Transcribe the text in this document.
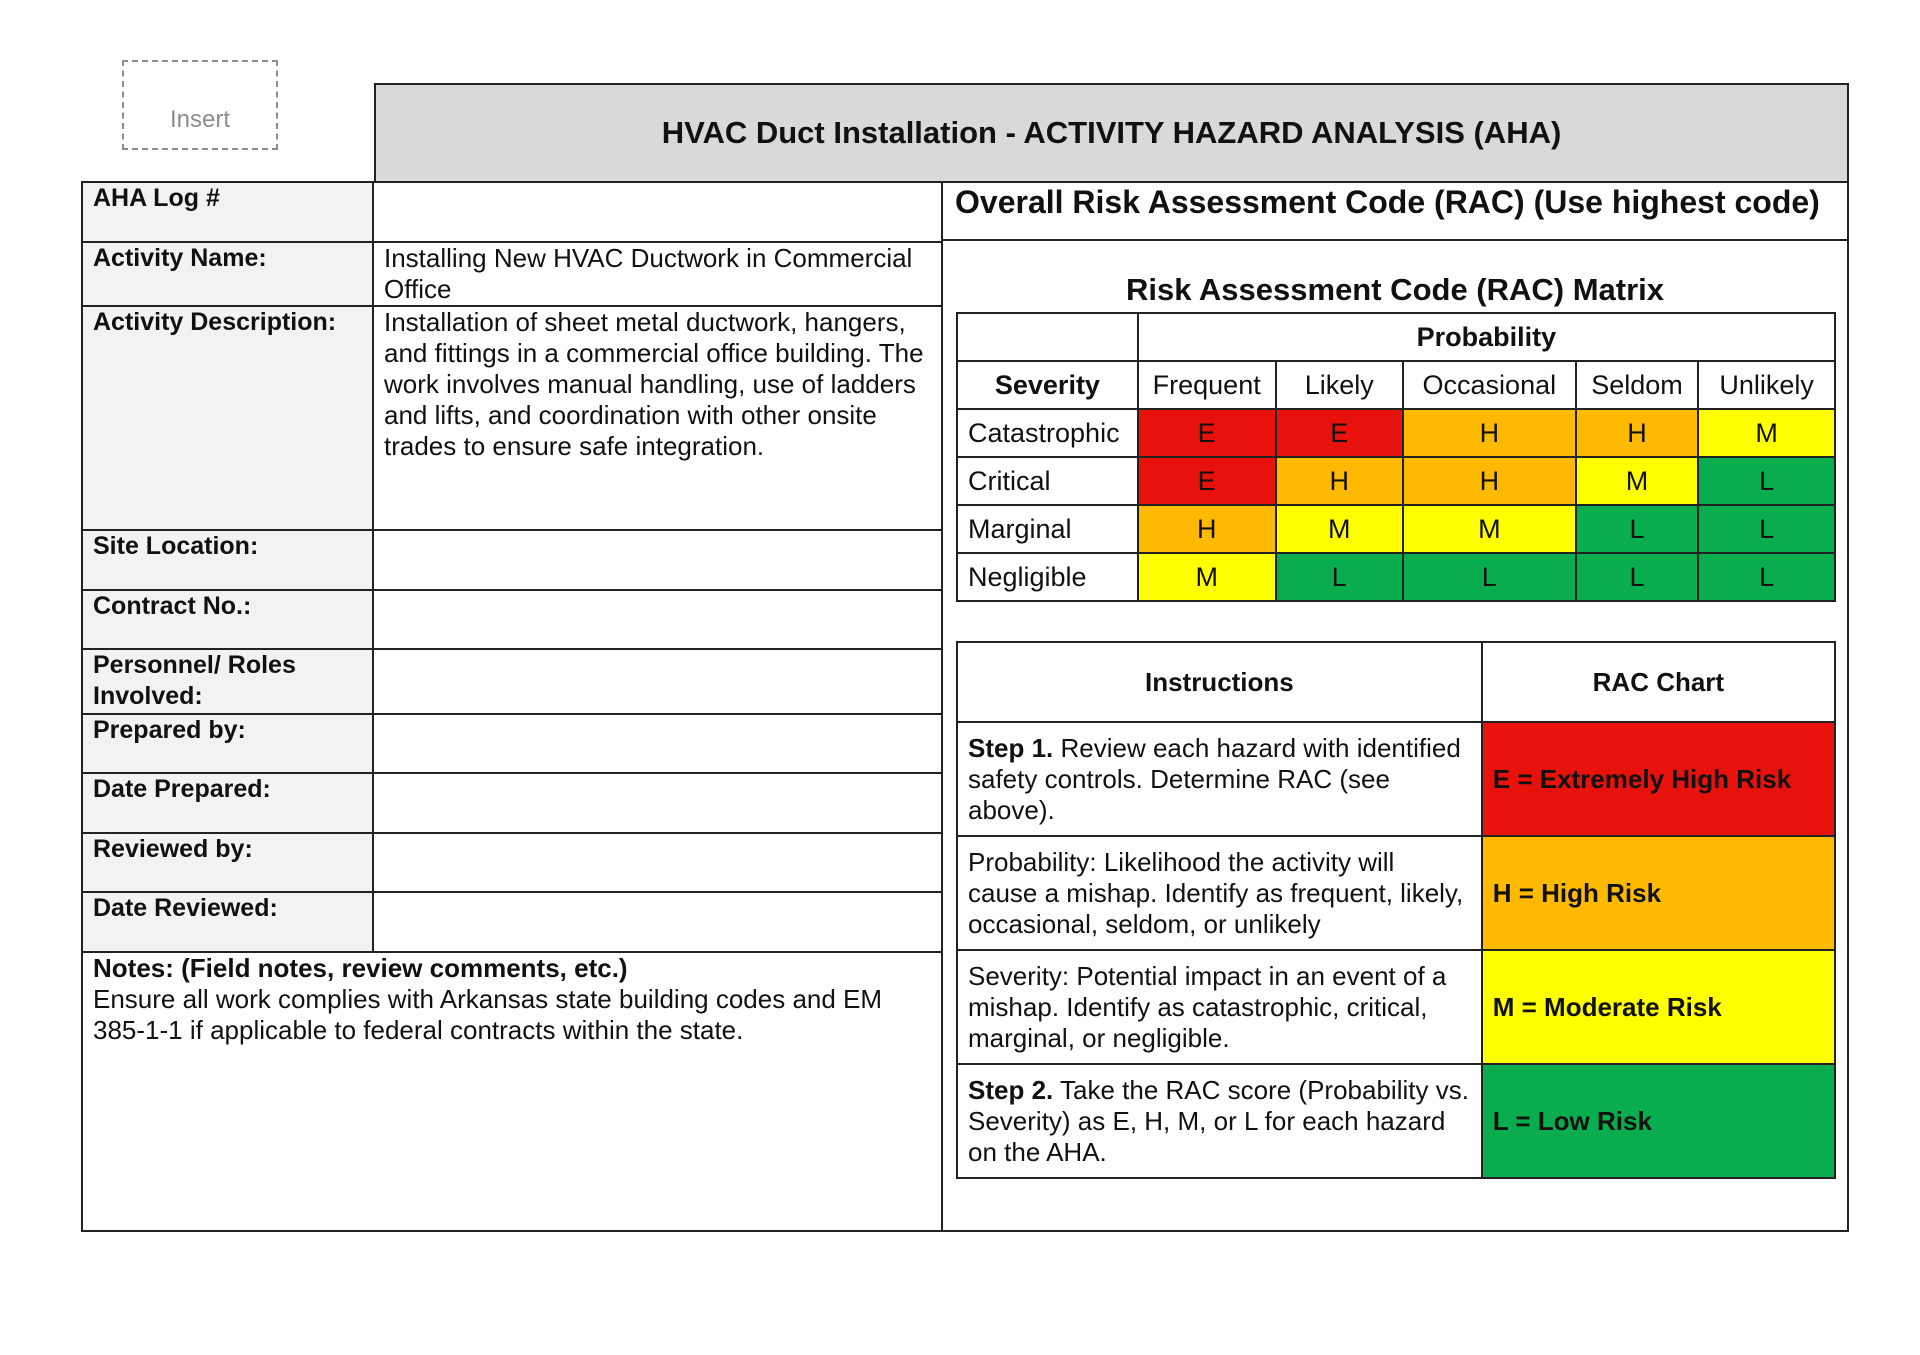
Insert	HVAC Duct Installation - ACTIVITY HAZARD ANALYSIS (AHA)
AHA Log #
Activity Name:	Installing New HVAC Ductwork in Commercial Office
Activity Description:	Installation of sheet metal ductwork, hangers, and fittings in a commercial office building. The work involves manual handling, use of ladders and lifts, and coordination with other onsite trades to ensure safe integration.
Site Location:
Contract No.:
Personnel/ Roles Involved:
Prepared by:
Date Prepared:
Reviewed by:
Date Reviewed:
Notes: (Field notes, review comments, etc.)
Ensure all work complies with Arkansas state building codes and EM 385-1-1 if applicable to federal contracts within the state.
Overall Risk Assessment Code (RAC) (Use highest code)
Risk Assessment Code (RAC) Matrix
	Probability				
Severity	Frequent	Likely	Occasional	Seldom	Unlikely
Catastrophic	E	E	H	H	M
Critical	E	H	H	M	L
Marginal	H	M	M	L	L
Negligible	M	L	L	L	L
Instructions	RAC Chart
Step 1. Review each hazard with identified safety controls. Determine RAC (see above).	E = Extremely High Risk
Probability: Likelihood the activity will cause a mishap. Identify as frequent, likely, occasional, seldom, or unlikely	H = High Risk
Severity: Potential impact in an event of a mishap. Identify as catastrophic, critical, marginal, or negligible.	M = Moderate Risk
Step 2. Take the RAC score (Probability vs. Severity) as E, H, M, or L for each hazard on the AHA.	L = Low Risk
